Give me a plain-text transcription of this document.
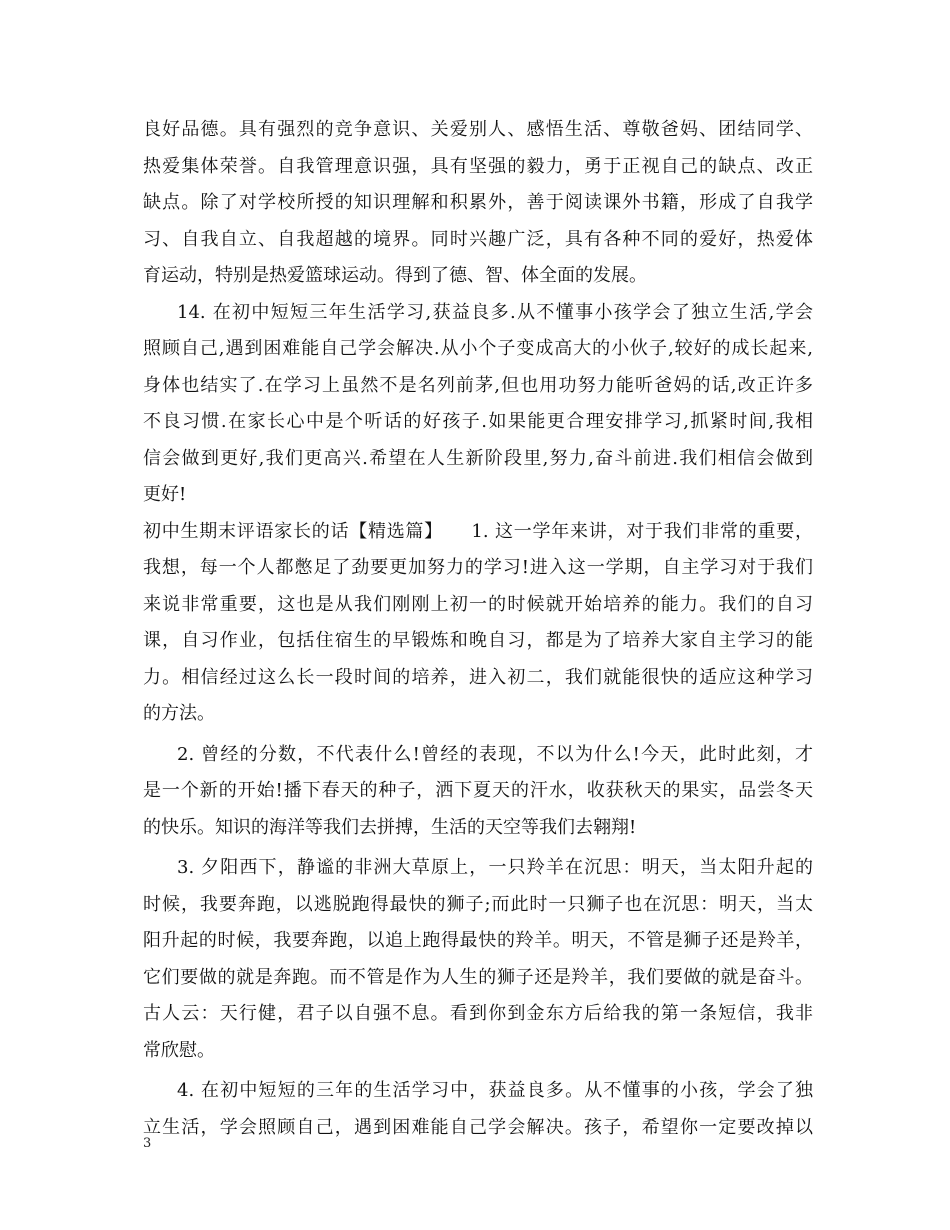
良好品德。具有强烈的竞争意识、关爱别人、感悟生活、尊敬爸妈、团结同学、
热爱集体荣誉。自我管理意识强，具有坚强的毅力，勇于正视自己的缺点、改正
缺点。除了对学校所授的知识理解和积累外，善于阅读课外书籍，形成了自我学
习、自我自立、自我超越的境界。同时兴趣广泛，具有各种不同的爱好，热爱体
育运动，特别是热爱篮球运动。得到了德、智、体全面的发展。
14. 在初中短短三年生活学习,获益良多.从不懂事小孩学会了独立生活,学会
照顾自己,遇到困难能自己学会解决.从小个子变成高大的小伙子,较好的成长起来,
身体也结实了.在学习上虽然不是名列前茅,但也用功努力能听爸妈的话,改正许多
不良习惯.在家长心中是个听话的好孩子.如果能更合理安排学习,抓紧时间,我相
信会做到更好,我们更高兴.希望在人生新阶段里,努力,奋斗前进.我们相信会做到
更好!
初中生期末评语家长的话【精选篇】　　1. 这一学年来讲，对于我们非常的重要，
我想，每一个人都憋足了劲要更加努力的学习!进入这一学期，自主学习对于我们
来说非常重要，这也是从我们刚刚上初一的时候就开始培养的能力。我们的自习
课，自习作业，包括住宿生的早锻炼和晚自习，都是为了培养大家自主学习的能
力。相信经过这么长一段时间的培养，进入初二，我们就能很快的适应这种学习
的方法。
2. 曾经的分数，不代表什么!曾经的表现，不以为什么!今天，此时此刻，才
是一个新的开始!播下春天的种子，洒下夏天的汗水，收获秋天的果实，品尝冬天
的快乐。知识的海洋等我们去拼搏，生活的天空等我们去翱翔!
3. 夕阳西下，静谧的非洲大草原上，一只羚羊在沉思：明天，当太阳升起的
时候，我要奔跑，以逃脱跑得最快的狮子;而此时一只狮子也在沉思：明天，当太
阳升起的时候，我要奔跑，以追上跑得最快的羚羊。明天，不管是狮子还是羚羊，
它们要做的就是奔跑。而不管是作为人生的狮子还是羚羊，我们要做的就是奋斗。
古人云：天行健，君子以自强不息。看到你到金东方后给我的第一条短信，我非
常欣慰。
4. 在初中短短的三年的生活学习中，获益良多。从不懂事的小孩，学会了独
立生活，学会照顾自己，遇到困难能自己学会解决。孩子，希望你一定要改掉以
3
